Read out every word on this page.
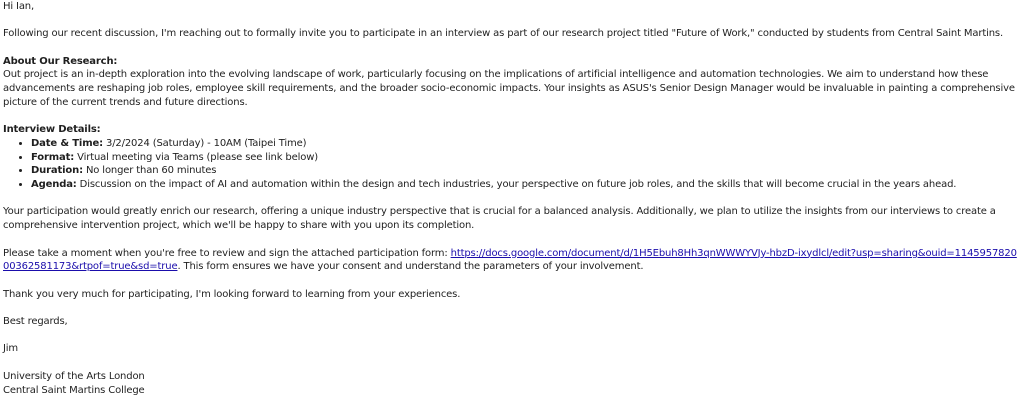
Hi Ian,

Following our recent discussion, I'm reaching out to formally invite you to participate in an interview as part of our research project titled "Future of Work," conducted by students from Central Saint Martins.

About Our Research:

Out project is an in-depth exploration into the evolving landscape of work, particularly focusing on the implications of artificial intelligence and automation technologies. We aim to understand how these advancements are reshaping job roles, employee skill requirements, and the broader socio-economic impacts. Your insights as ASUS's Senior Design Manager would be invaluable in painting a comprehensive picture of the current trends and future directions.

Interview Details:

• Date & Time: 3/2/2024 (Saturday) - 10AM (Taipei Time)
• Format: Virtual meeting via Teams (please see link below)
• Duration: No longer than 60 minutes
• Agenda: Discussion on the impact of AI and automation within the design and tech industries, your perspective on future job roles, and the skills that will become crucial in the years ahead.

Your participation would greatly enrich our research, offering a unique industry perspective that is crucial for a balanced analysis. Additionally, we plan to utilize the insights from our interviews to create a comprehensive intervention project, which we'll be happy to share with you upon its completion.

Please take a moment when you're free to review and sign the attached participation form: https://docs.google.com/document/d/1H5Ebuh8Hh3qnWWWYVJy-hbzD-ixydlcl/edit?usp=sharing&ouid=114595782000362581173&rtpof=true&sd=true. This form ensures we have your consent and understand the parameters of your involvement.

Thank you very much for participating, I'm looking forward to learning from your experiences.

Best regards,

Jim

University of the Arts London

Central Saint Martins College
